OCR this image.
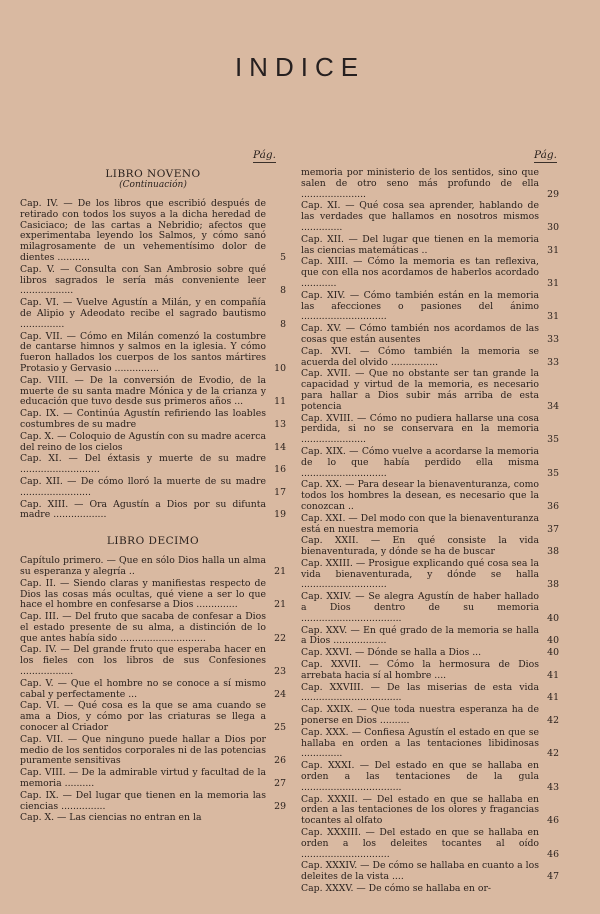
INDICE
Pág.	Pág.

LIBRO NOVENO

(Continuación)

Cap. IV. — De los libros que escribió después de retirado con todos los suyos a la dicha heredad de Casiciaco; de las cartas a Nebridio; afectos que experimentaba leyendo los Salmos, y cómo sanó milagrosamente de un vehementísimo dolor de dientes ...........	5
Cap. V. — Consulta con San Ambrosio sobre qué libros sagrados le sería más conveniente leer ..................	8
Cap. VI. — Vuelve Agustín a Milán, y en compañía de Alipio y Adeodato recibe el sagrado bautismo ...............	8
Cap. VII. — Cómo en Milán comenzó la costumbre de cantarse himnos y salmos en la iglesia. Y cómo fueron hallados los cuerpos de los santos mártires Protasio y Gervasio ...............	10
Cap. VIII. — De la conversión de Evodio, de la muerte de su santa madre Mónica y de la crianza y educación que tuvo desde sus primeros años ...	11
Cap. IX. — Continúa Agustín refiriendo las loables costumbres de su madre	13
Cap. X. — Coloquio de Agustín con su madre acerca del reino de los cielos	14
Cap. XI. — Del éxtasis y muerte de su madre ...........................	16
Cap. XII. — De cómo lloró la muerte de su madre ........................	17
Cap. XIII. — Ora Agustín a Dios por su difunta madre ..................	19

LIBRO DECIMO

Capítulo primero. — Que en sólo Dios halla un alma su esperanza y alegría ..	21
Cap. II. — Siendo claras y manifiestas respecto de Dios las cosas más ocultas, qué viene a ser lo que hace el hombre en confesarse a Dios ..............	21
Cap. III. — Del fruto que sacaba de confesar a Dios el estado presente de su alma, a distinción de lo que antes había sido .............................	22
Cap. IV. — Del grande fruto que esperaba hacer en los fieles con los libros de sus Confesiones ..................	23
Cap. V. — Que el hombre no se conoce a sí mismo cabal y perfectamente ...	24
Cap. VI. — Qué cosa es la que se ama cuando se ama a Dios, y cómo por las criaturas se llega a conocer al Criador	25
Cap. VII. — Que ninguno puede hallar a Dios por medio de los sentidos corporales ni de las potencias puramente sensitivas	26
Cap. VIII. — De la admirable virtud y facultad de la memoria ..........	27
Cap. IX. — Del lugar que tienen en la memoria las ciencias ...............	29
Cap. X. — Las ciencias no entran en la
memoria por ministerio de los sentidos, sino que salen de otro seno más profundo de ella ......................	29
Cap. XI. — Qué cosa sea aprender, hablando de las verdades que hallamos en nosotros mismos ..............	30
Cap. XII. — Del lugar que tienen en la memoria las ciencias matemáticas ..	31
Cap. XIII. — Cómo la memoria es tan reflexiva, que con ella nos acordamos de haberlos acordado ............	31
Cap. XIV. — Cómo también están en la memoria las afecciones o pasiones del ánimo .............................	31
Cap. XV. — Cómo también nos acordamos de las cosas que están ausentes	33
Cap. XVI. — Cómo también la memoria se acuerda del olvido ................	33
Cap. XVII. — Que no obstante ser tan grande la capacidad y virtud de la memoria, es necesario para hallar a Dios subir más arriba de esta potencia	34
Cap. XVIII. — Cómo no pudiera hallarse una cosa perdida, si no se conservara en la memoria ......................	35
Cap. XIX. — Cómo vuelve a acordarse la memoria de lo que había perdido ella misma .............................	35
Cap. XX. — Para desear la bienaventuranza, como todos los hombres la desean, es necesario que la conozcan ..	36
Cap. XXI. — Del modo con que la bienaventuranza está en nuestra memoria	37
Cap. XXII. — En qué consiste la vida bienaventurada, y dónde se ha de buscar	38
Cap. XXIII. — Prosigue explicando qué cosa sea la vida bienaventurada, y dónde se halla .............................	38
Cap. XXIV. — Se alegra Agustín de haber hallado a Dios dentro de su memoria ..................................	40
Cap. XXV. — En qué grado de la memoria se halla a Dios ..................	40
Cap. XXVI. — Dónde se halla a Dios ...	40
Cap. XXVII. — Cómo la hermosura de Dios arrebata hacia sí al hombre ....	41
Cap. XXVIII. — De las miserias de esta vida ..................................	41
Cap. XXIX. — Que toda nuestra esperanza ha de ponerse en Dios ..........	42
Cap. XXX. — Confiesa Agustín el estado en que se hallaba en orden a las tentaciones libidinosas ..............	42
Cap. XXXI. — Del estado en que se hallaba en orden a las tentaciones de la gula ..................................	43
Cap. XXXII. — Del estado en que se hallaba en orden a las tentaciones de los olores y fragancias tocantes al olfato	46
Cap. XXXIII. — Del estado en que se hallaba en orden a los deleites tocantes al oído ..............................	46
Cap. XXXIV. — De cómo se hallaba en cuanto a los deleites de la vista ....	47
Cap. XXXV. — De cómo se hallaba en or-
